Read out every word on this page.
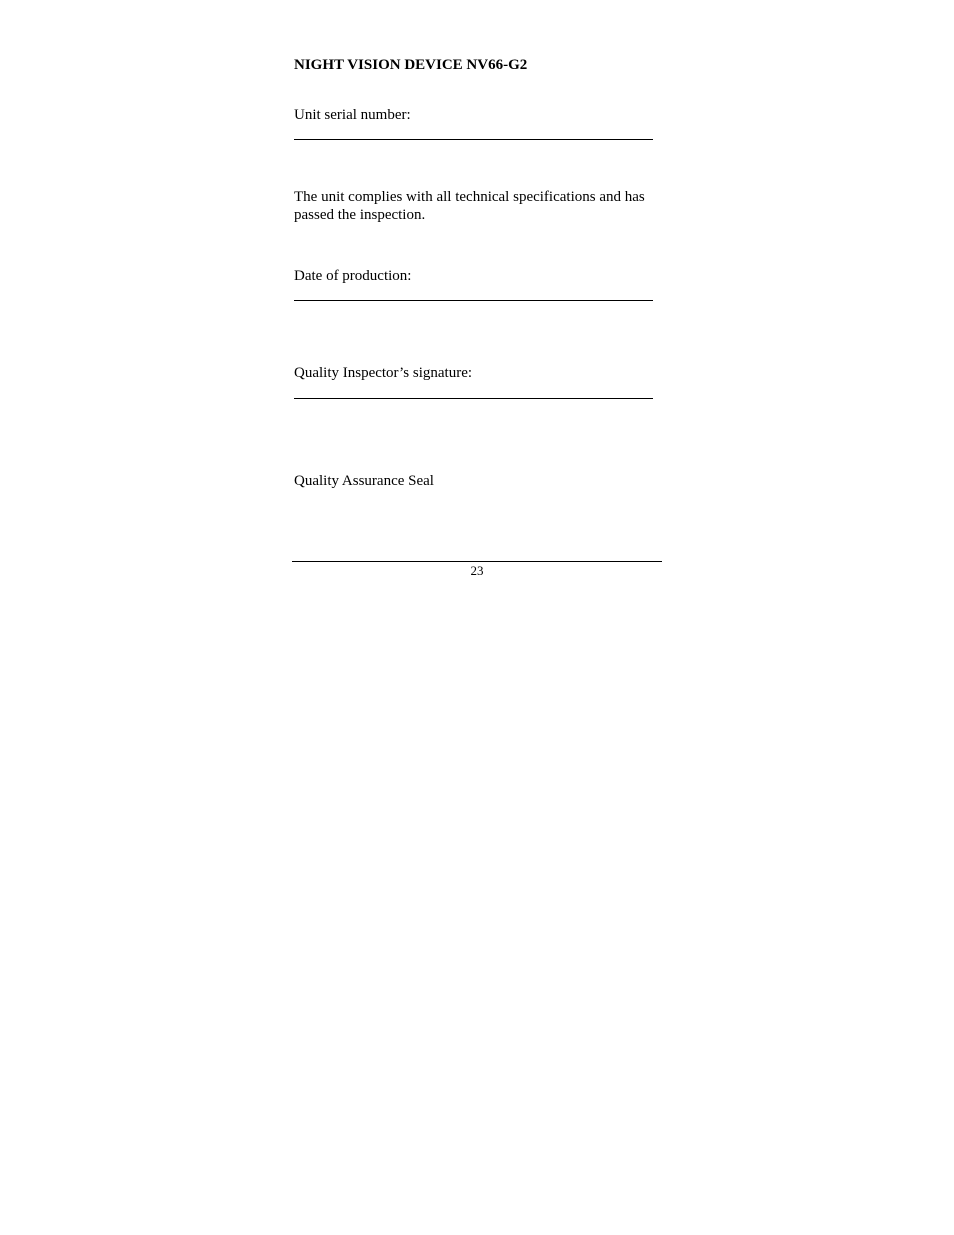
NIGHT VISION DEVICE NV66-G2
Unit serial number:
The unit complies with all technical specifications and has passed the inspection.
Date of production:
Quality Inspector’s signature:
Quality Assurance Seal
23
